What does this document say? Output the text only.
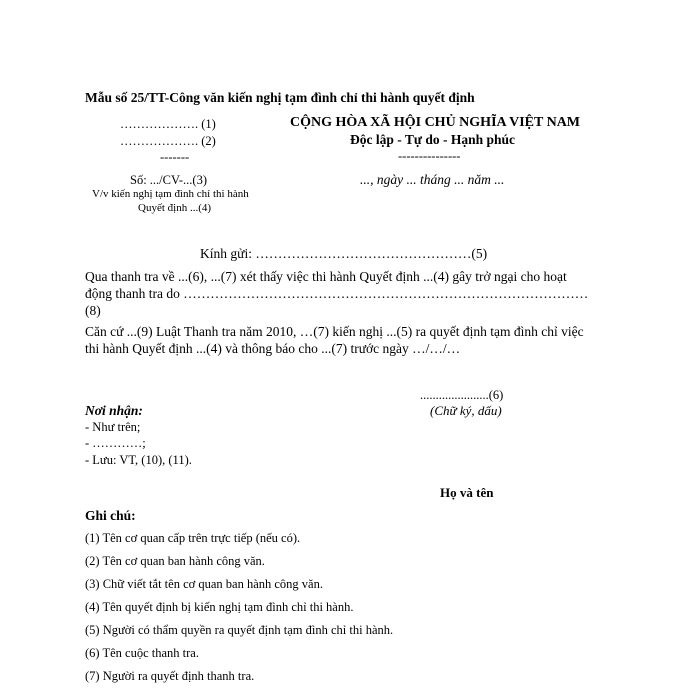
Mẫu số 25/TT-Công văn kiến nghị tạm đình chỉ thi hành quyết định
………………. (1)
………………. (2)
-------
Số: .../CV-...(3)
V/v kiến nghị tạm đình chỉ thi hành
Quyết định ...(4)
CỘNG HÒA XÃ HỘI CHỦ NGHĨA VIỆT NAM
Độc lập - Tự do - Hạnh phúc
---------------
..., ngày ... tháng ... năm ...
Kính gửi: …………………………………………(5)
Qua thanh tra về ...(6), ...(7) xét thấy việc thi hành Quyết định ...(4) gây trở ngại cho hoạt
động thanh tra do ………………………………………………………………………………
(8)
Căn cứ ...(9) Luật Thanh tra năm 2010, …(7) kiến nghị ...(5) ra quyết định tạm đình chỉ việc
thi hành Quyết định ...(4) và thông báo cho ...(7) trước ngày …/…/…
......................(6)
(Chữ ký, dấu)
Nơi nhận:
- Như trên;
- …………;
- Lưu: VT, (10), (11).
Họ và tên
Ghi chú:
(1) Tên cơ quan cấp trên trực tiếp (nếu có).
(2) Tên cơ quan ban hành công văn.
(3) Chữ viết tắt tên cơ quan ban hành công văn.
(4) Tên quyết định bị kiến nghị tạm đình chỉ thi hành.
(5) Người có thẩm quyền ra quyết định tạm đình chỉ thi hành.
(6) Tên cuộc thanh tra.
(7) Người ra quyết định thanh tra.
